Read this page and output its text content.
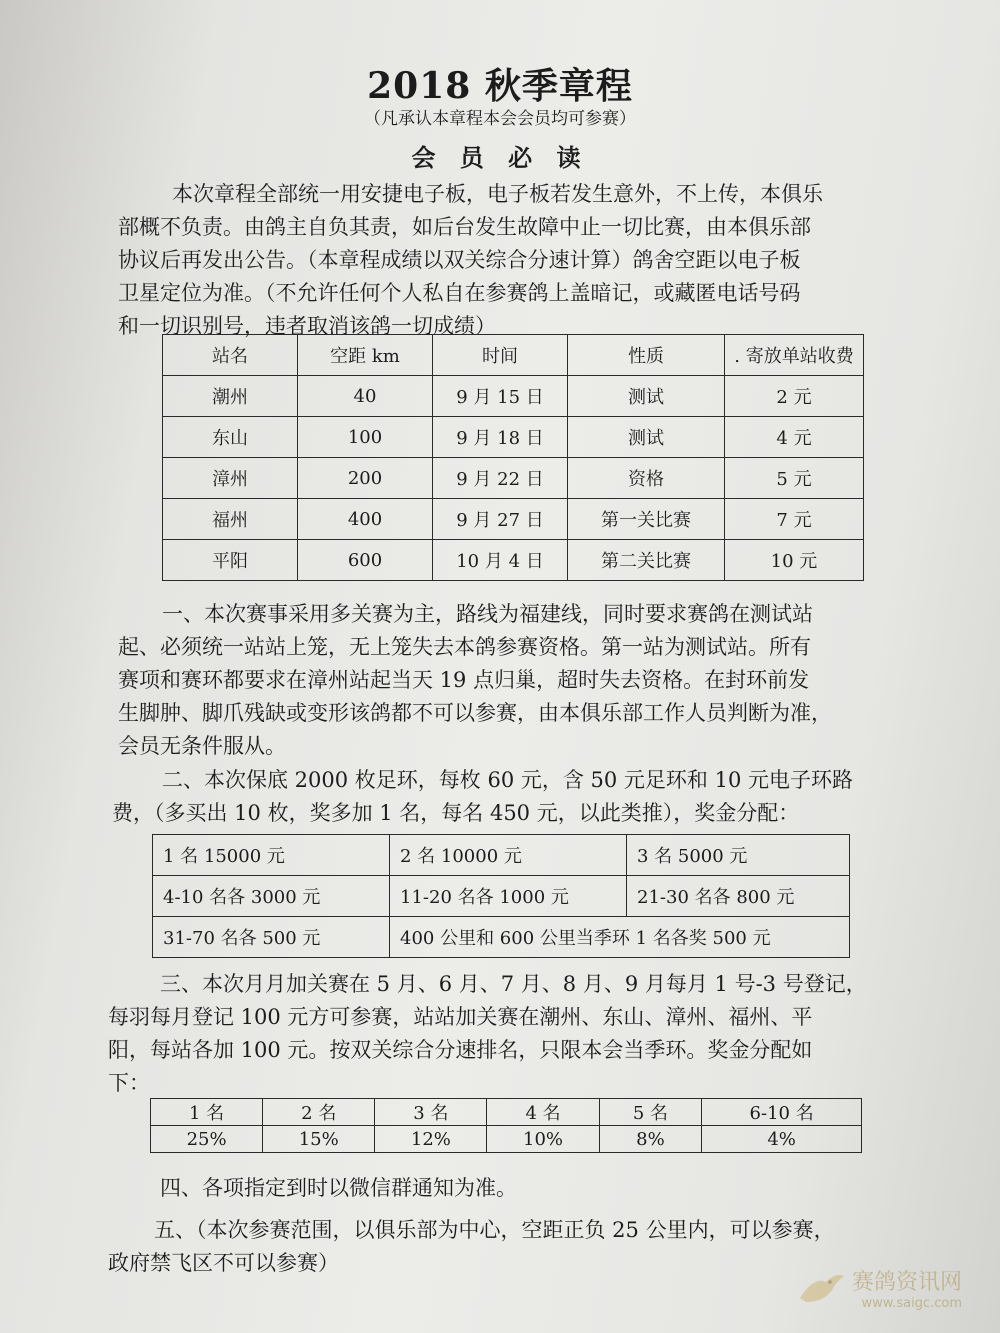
2018 秋季章程
（凡承认本章程本会会员均可参赛）
会 员 必 读
本次章程全部统一用安捷电子板，电子板若发生意外，不上传，本俱乐
部概不负责。由鸽主自负其责，如后台发生故障中止一切比赛，由本俱乐部
协议后再发出公告。（本章程成绩以双关综合分速计算）鸽舍空距以电子板
卫星定位为准。（不允许任何个人私自在参赛鸽上盖暗记，或藏匿电话号码
和一切识别号，违者取消该鸽一切成绩）
站名	空距 km	时间	性质	. 寄放单站收费
潮州	40	9 月 15 日	测试	2 元
东山	100	9 月 18 日	测试	4 元
漳州	200	9 月 22 日	资格	5 元
福州	400	9 月 27 日	第一关比赛	7 元
平阳	600	10 月 4 日	第二关比赛	10 元
一、本次赛事采用多关赛为主，路线为福建线，同时要求赛鸽在测试站
起、必须统一站站上笼，无上笼失去本鸽参赛资格。第一站为测试站。所有
赛项和赛环都要求在漳州站起当天 19 点归巢，超时失去资格。在封环前发
生脚肿、脚爪残缺或变形该鸽都不可以参赛，由本俱乐部工作人员判断为准，
会员无条件服从。
二、本次保底 2000 枚足环，每枚 60 元，含 50 元足环和 10 元电子环路
费，（多买出 10 枚，奖多加 1 名，每名 450 元，以此类推），奖金分配：
1 名 15000 元	2 名 10000 元	3 名 5000 元
4-10 名各 3000 元	11-20 名各 1000 元	21-30 名各 800 元
31-70 名各 500 元	400 公里和 600 公里当季环 1 名各奖 500 元	
三、本次月月加关赛在 5 月、6 月、7 月、8 月、9 月每月 1 号-3 号登记，
每羽每月登记 100 元方可参赛，站站加关赛在潮州、东山、漳州、福州、平
阳，每站各加 100 元。按双关综合分速排名，只限本会当季环。奖金分配如
下：
1 名	2 名	3 名	4 名	5 名	6-10 名
25%	15%	12%	10%	8%	4%
四、各项指定到时以微信群通知为准。
五、（本次参赛范围，以俱乐部为中心，空距正负 25 公里内，可以参赛，
政府禁飞区不可以参赛）
赛鸽资讯网
www.saigc.com
